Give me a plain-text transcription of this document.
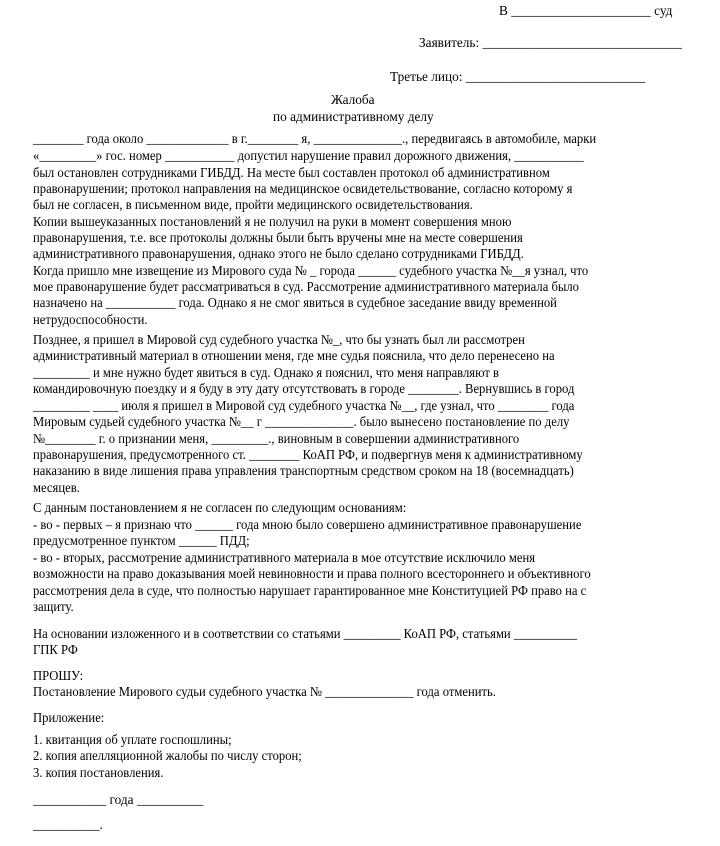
В _____________________ суд

Заявитель: ______________________________

Третье лицо: ___________________________

Жалоба

по административному делу

________ года около _____________ в г.________ я, ______________., передвигаясь в автомобиле, марки

«_________» гос. номер ___________ допустил нарушение правил дорожного движения, ___________

был остановлен сотрудниками ГИБДД. На месте был составлен протокол об административном

правонарушении; протокол направления на медицинское освидетельствование, согласно которому я

был не согласен, в письменном виде, пройти медицинского освидетельствования.

Копии вышеуказанных постановлений я не получил на руки в момент совершения мною

правонарушения, т.е. все протоколы должны были быть вручены мне на месте совершения

административного правонарушения, однако этого не было сделано сотрудниками ГИБДД.

Когда пришло мне извещение из Мирового суда № _ города ______ судебного участка №__я узнал, что

мое правонарушение будет рассматриваться в суд. Рассмотрение административного материала было

назначено на ___________ года. Однако я не смог явиться в судебное заседание ввиду временной

нетрудоспособности.

Позднее, я пришел в Мировой суд судебного участка №_, что бы узнать был ли рассмотрен

административный материал в отношении меня, где мне судья пояснила, что дело перенесено на

_________ и мне нужно будет явиться в суд. Однако я пояснил, что меня направляют в

командировочную поездку и я буду в эту дату отсутствовать в городе ________. Вернувшись в город

_________ ____ июля я пришел в Мировой суд судебного участка №__, где узнал, что ________ года

Мировым судьей судебного участка №__ г ______________. было вынесено постановление по делу

№________ г. о признании меня, _________., виновным в совершении административного

правонарушения, предусмотренного ст. ________ КоАП РФ, и подвергнув меня к административному

наказанию в виде лишения права управления транспортным средством сроком на 18 (восемнадцать)

месяцев.

С данным постановлением я не согласен по следующим основаниям:

- во - первых – я признаю что ______ года мною было совершено административное правонарушение

предусмотренное пунктом ______ ПДД;

- во - вторых, рассмотрение административного материала в мое отсутствие исключило меня

возможности на право доказывания моей невиновности и права полного всестороннего и объективного

рассмотрения дела в суде, что полностью нарушает гарантированное мне Конституцией РФ право на с

защиту.

На основании изложенного и в соответствии со статьями _________ КоАП РФ, статьями __________

ГПК РФ

ПРОШУ:

Постановление Мирового судьи судебного участка № ______________ года отменить.

Приложение:

1. квитанция об уплате госпошлины;

2. копия апелляционной жалобы по числу сторон;

3. копия постановления.

___________ года __________

__________.
